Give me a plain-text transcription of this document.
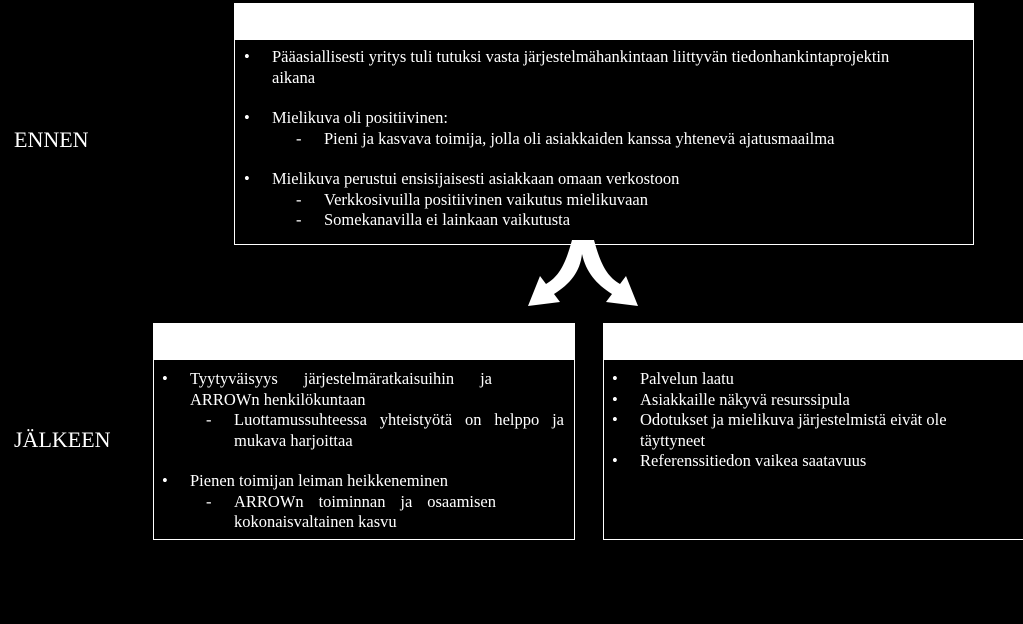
ENNEN
JÄLKEEN
• Pääasiallisesti yritys tuli tutuksi vasta järjestelmähankintaan liittyvän tiedonhankintaprojektin aikana
• Mielikuva oli positiivinen:
- Pieni ja kasvava toimija, jolla oli asiakkaiden kanssa yhtenevä ajatusmaailma
• Mielikuva perustui ensisijaisesti asiakkaan omaan verkostoon
- Verkkosivuilla positiivinen vaikutus mielikuvaan
- Somekanavilla ei lainkaan vaikutusta
• Tyytyväisyys järjestelmäratkaisuihin ja ARROWn henkilökuntaan
- Luottamussuhteessa yhteistyötä on helppo ja mukava harjoittaa
• Pienen toimijan leiman heikkeneminen
- ARROWn toiminnan ja osaamisen kokonaisvaltainen kasvu
• Palvelun laatu
• Asiakkaille näkyvä resurssipula
• Odotukset ja mielikuva järjestelmistä eivät ole täyttyneet
• Referenssitiedon vaikea saatavuus
